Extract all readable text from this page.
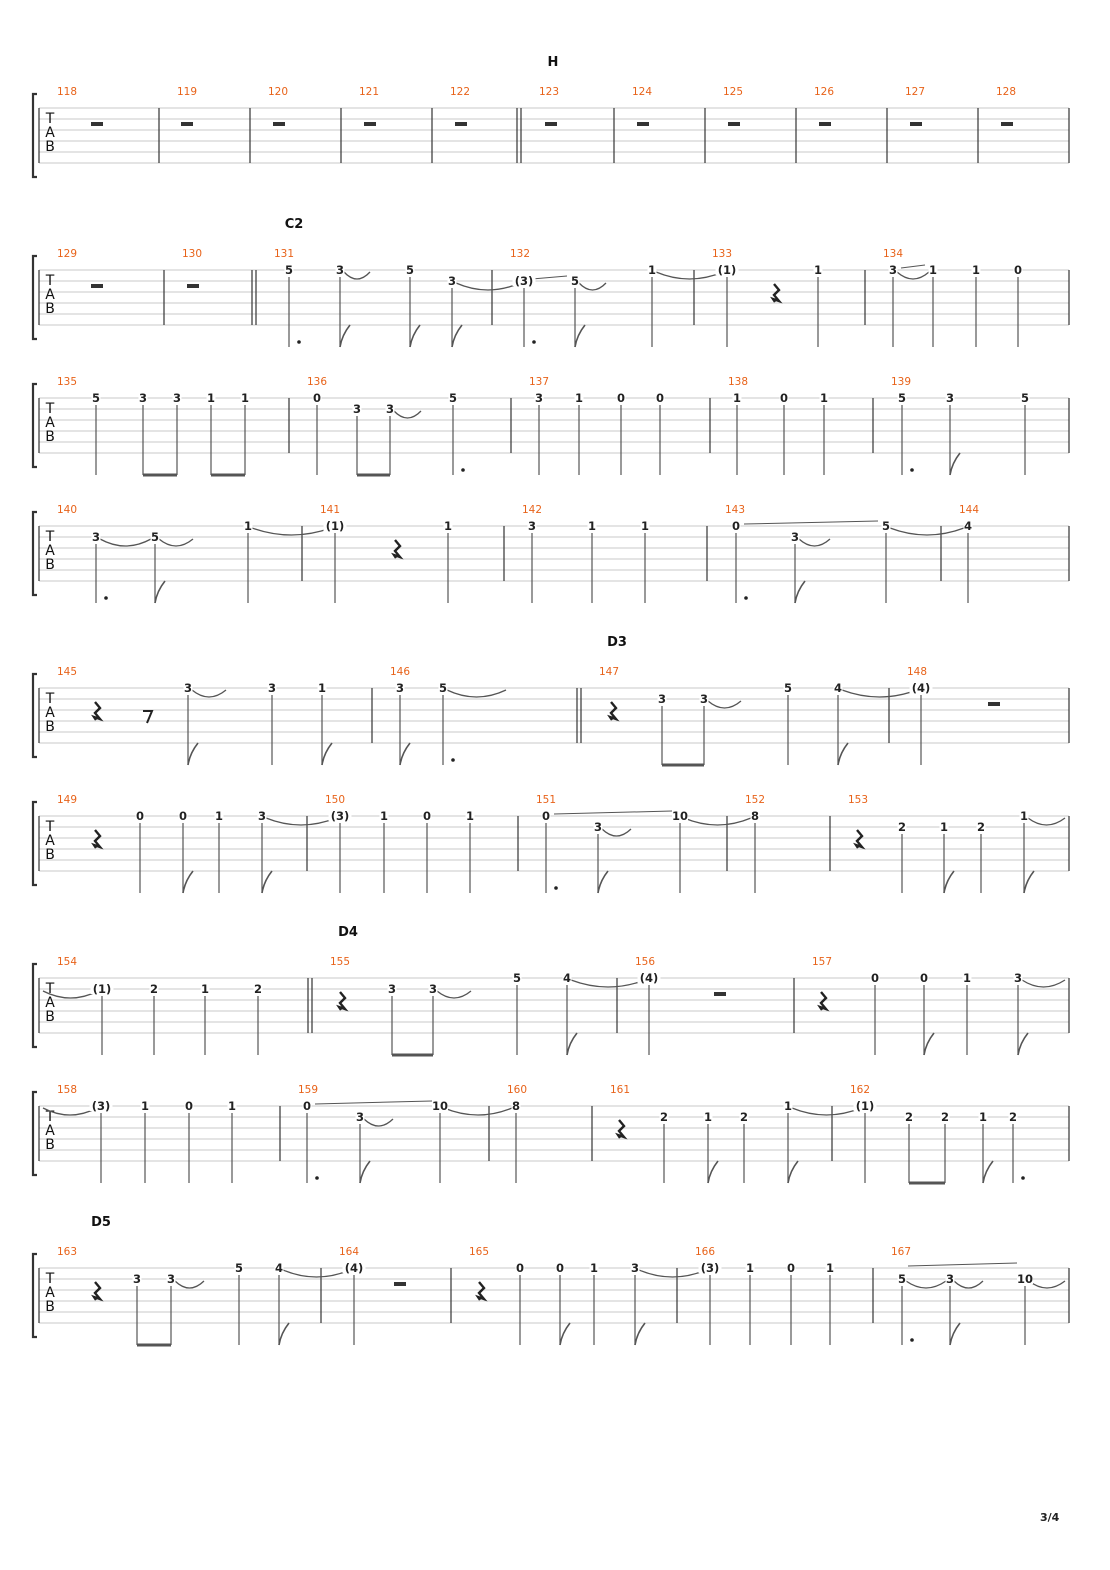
H
T
A
B
118	119	120	121	122	123	124	125	126	127	128
C2
T
A
B
129	130	131	132	133	134
5	3	5
3	(3)	5
1	(1)	1	3	1	1	0
T
A
B
135	136	137	138	139
5	3 3 1 1	0
3 3
5	3	1	0	0	1	0	1	5	3	5
T
A
B
140	141	142	143	144
3	5
1	(1)	1	3	1	1	0
3
5	4
D3
T
A
B
145	146	147	148
3	3	1	3	5
3	3
5	4	(4)
T
A
B
149	150	151	152	153
0	0 1	3	(3)	1	0	1	0
3
10	8
2	1	2
1
D4
T
A
B
154	155	156	157
(1)	2	1	2	3	3
5	4	(4)	0	0	1	3
T
A
B
158	159	160	161	162
(3)	1	0	1	0
3
10	8
2	1 2
1	(1)
2 2	1 2
D5
T
A
B
163	164	165	166	167
3 3
5	4	(4)	0	0 1	3	(3) 1	0	1
5	3	10
3/4
